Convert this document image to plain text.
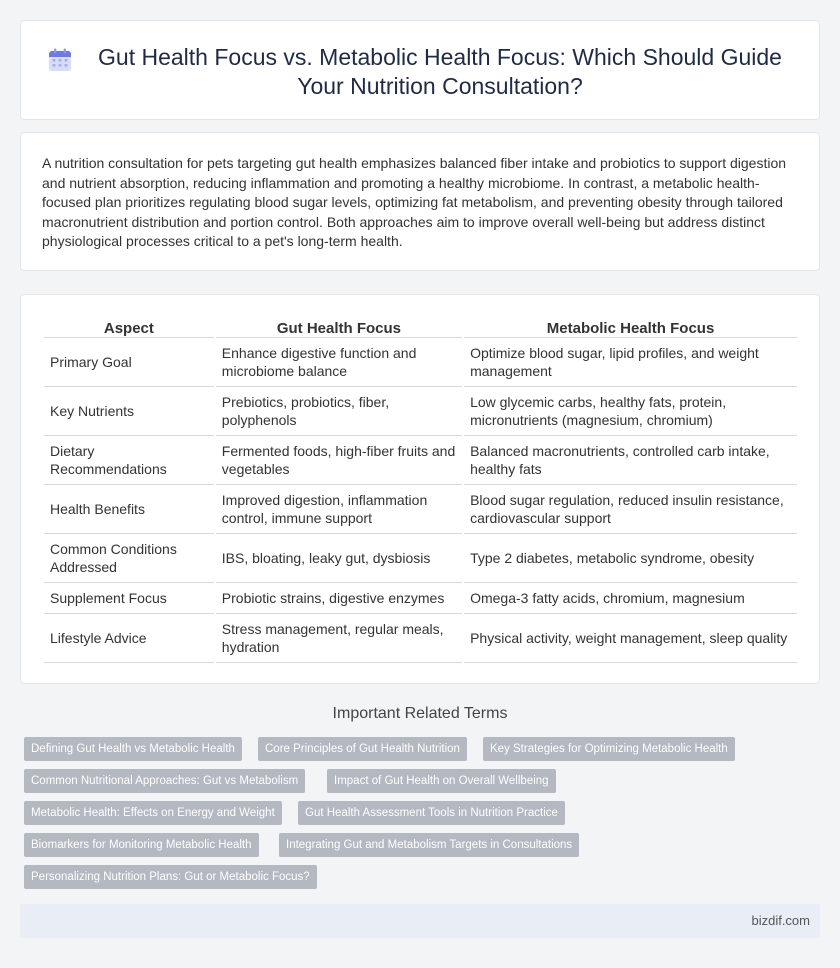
Gut Health Focus vs. Metabolic Health Focus: Which Should Guide Your Nutrition Consultation?

A nutrition consultation for pets targeting gut health emphasizes balanced fiber intake and probiotics to support digestion and nutrient absorption, reducing inflammation and promoting a healthy microbiome. In contrast, a metabolic health-focused plan prioritizes regulating blood sugar levels, optimizing fat metabolism, and preventing obesity through tailored macronutrient distribution and portion control. Both approaches aim to improve overall well-being but address distinct physiological processes critical to a pet's long-term health.

Aspect	Gut Health Focus	Metabolic Health Focus
Primary Goal	Enhance digestive function and microbiome balance	Optimize blood sugar, lipid profiles, and weight management
Key Nutrients	Prebiotics, probiotics, fiber, polyphenols	Low glycemic carbs, healthy fats, protein, micronutrients (magnesium, chromium)
Dietary Recommendations	Fermented foods, high-fiber fruits and vegetables	Balanced macronutrients, controlled carb intake, healthy fats
Health Benefits	Improved digestion, inflammation control, immune support	Blood sugar regulation, reduced insulin resistance, cardiovascular support
Common Conditions Addressed	IBS, bloating, leaky gut, dysbiosis	Type 2 diabetes, metabolic syndrome, obesity
Supplement Focus	Probiotic strains, digestive enzymes	Omega-3 fatty acids, chromium, magnesium
Lifestyle Advice	Stress management, regular meals, hydration	Physical activity, weight management, sleep quality
Important Related Terms
Defining Gut Health vs Metabolic Health	Core Principles of Gut Health Nutrition	Key Strategies for Optimizing Metabolic Health
Common Nutritional Approaches: Gut vs Metabolism	Impact of Gut Health on Overall Wellbeing
Metabolic Health: Effects on Energy and Weight	Gut Health Assessment Tools in Nutrition Practice
Biomarkers for Monitoring Metabolic Health	Integrating Gut and Metabolism Targets in Consultations
Personalizing Nutrition Plans: Gut or Metabolic Focus?
bizdif.com
